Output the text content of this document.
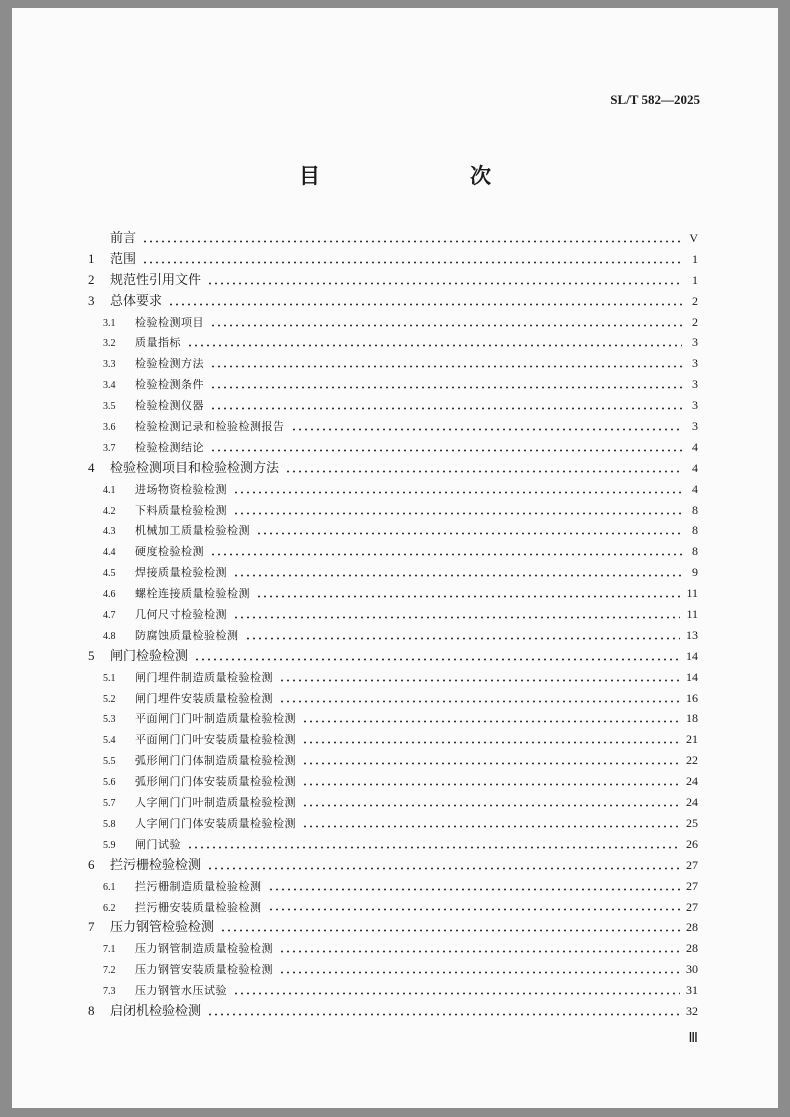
SL/T 582—2025
目　　次
前言	V
1	范围	1
2	规范性引用文件	1
3	总体要求	2
3.1	检验检测项目	2
3.2	质量指标	3
3.3	检验检测方法	3
3.4	检验检测条件	3
3.5	检验检测仪器	3
3.6	检验检测记录和检验检测报告	3
3.7	检验检测结论	4
4	检验检测项目和检验检测方法	4
4.1	进场物资检验检测	4
4.2	下料质量检验检测	8
4.3	机械加工质量检验检测	8
4.4	硬度检验检测	8
4.5	焊接质量检验检测	9
4.6	螺栓连接质量检验检测	11
4.7	几何尺寸检验检测	11
4.8	防腐蚀质量检验检测	13
5	闸门检验检测	14
5.1	闸门埋件制造质量检验检测	14
5.2	闸门埋件安装质量检验检测	16
5.3	平面闸门门叶制造质量检验检测	18
5.4	平面闸门门叶安装质量检验检测	21
5.5	弧形闸门门体制造质量检验检测	22
5.6	弧形闸门门体安装质量检验检测	24
5.7	人字闸门门叶制造质量检验检测	24
5.8	人字闸门门体安装质量检验检测	25
5.9	闸门试验	26
6	拦污栅检验检测	27
6.1	拦污栅制造质量检验检测	27
6.2	拦污栅安装质量检验检测	27
7	压力钢管检验检测	28
7.1	压力钢管制造质量检验检测	28
7.2	压力钢管安装质量检验检测	30
7.3	压力钢管水压试验	31
8	启闭机检验检测	32
Ⅲ
